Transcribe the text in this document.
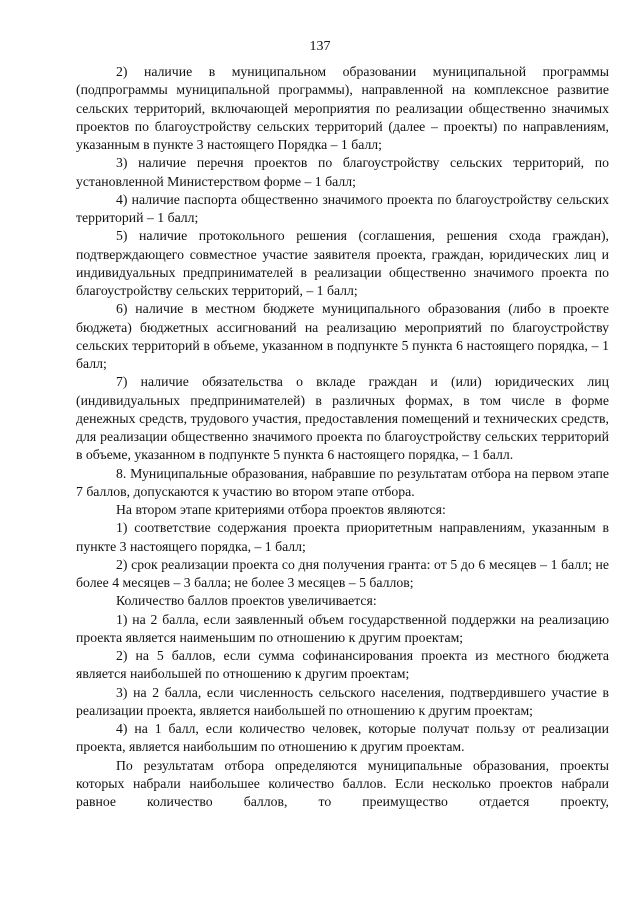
137

2) наличие в муниципальном образовании муниципальной программы (подпрограммы муниципальной программы), направленной на комплексное развитие сельских территорий, включающей мероприятия по реализации общественно значимых проектов по благоустройству сельских территорий (далее – проекты) по направлениям, указанным в пункте 3 настоящего Порядка – 1 балл;

3) наличие перечня проектов по благоустройству сельских территорий, по установленной Министерством форме – 1 балл;

4) наличие паспорта общественно значимого проекта по благоустройству сельских территорий – 1 балл;

5) наличие протокольного решения (соглашения, решения схода граждан), подтверждающего совместное участие заявителя проекта, граждан, юридических лиц и индивидуальных предпринимателей в реализации общественно значимого проекта по благоустройству сельских территорий, – 1 балл;

6) наличие в местном бюджете муниципального образования (либо в проекте бюджета) бюджетных ассигнований на реализацию мероприятий по благоустройству сельских территорий в объеме, указанном в подпункте 5 пункта 6 настоящего порядка, – 1 балл;

7) наличие обязательства о вкладе граждан и (или) юридических лиц (индивидуальных предпринимателей) в различных формах, в том числе в форме денежных средств, трудового участия, предоставления помещений и технических средств, для реализации общественно значимого проекта по благоустройству сельских территорий в объеме, указанном в подпункте 5 пункта 6 настоящего порядка, – 1 балл.

8. Муниципальные образования, набравшие по результатам отбора на первом этапе 7 баллов, допускаются к участию во втором этапе отбора.

На втором этапе критериями отбора проектов являются:

1) соответствие содержания проекта приоритетным направлениям, указанным в пункте 3 настоящего порядка, – 1 балл;

2) срок реализации проекта со дня получения гранта: от 5 до 6 месяцев – 1 балл; не более 4 месяцев – 3 балла; не более 3 месяцев – 5 баллов;

Количество баллов проектов увеличивается:

1) на 2 балла, если заявленный объем государственной поддержки на реализацию проекта является наименьшим по отношению к другим проектам;

2) на 5 баллов, если сумма софинансирования проекта из местного бюджета является наибольшей по отношению к другим проектам;

3) на 2 балла, если численность сельского населения, подтвердившего участие в реализации проекта, является наибольшей по отношению к другим проектам;

4) на 1 балл, если количество человек, которые получат пользу от реализации проекта, является наибольшим по отношению к другим проектам.

По результатам отбора определяются муниципальные образования, проекты которых набрали наибольшее количество баллов. Если несколько проектов набрали равное количество баллов, то преимущество отдается проекту,
